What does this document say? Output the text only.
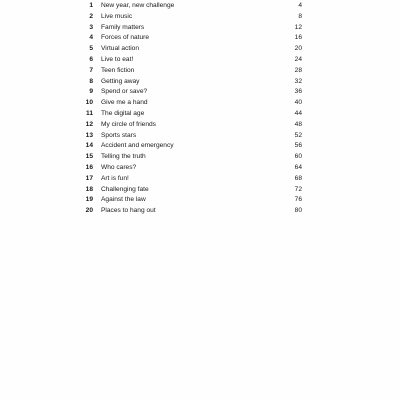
1 New year, new challenge	4
2 Live music	8
3 Family matters	12
4 Forces of nature	16
5 Virtual action	20
6 Live to eat!	24
7 Teen fiction	28
8 Getting away	32
9 Spend or save?	36
10 Give me a hand	40
11 The digital age	44
12 My circle of friends	48
13 Sports stars	52
14 Accident and emergency	56
15 Telling the truth	60
16 Who cares?	64
17 Art is fun!	68
18 Challenging fate	72
19 Against the law	76
20 Places to hang out	80
